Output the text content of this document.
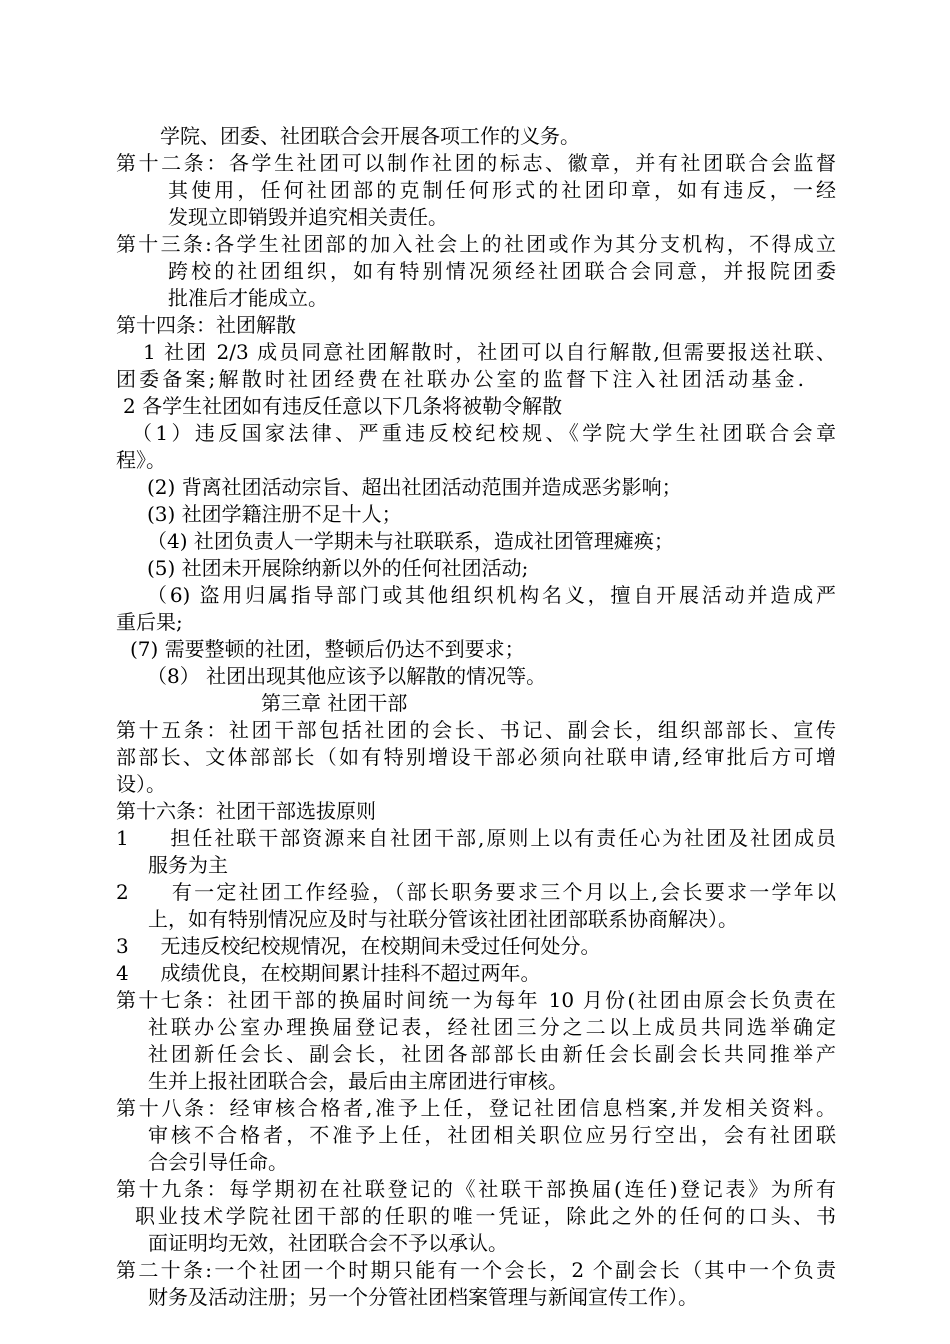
学院、团委、社团联合会开展各项工作的义务。
第十二条：各学生社团可以制作社团的标志、徽章，并有社团联合会监督
其使用，任何社团部的克制任何形式的社团印章，如有违反，一经
发现立即销毁并追究相关责任。
第十三条:各学生社团部的加入社会上的社团或作为其分支机构，不得成立
跨校的社团组织，如有特别情况须经社团联合会同意，并报院团委
批准后才能成立。
第十四条：社团解散
1 社团 2/3 成员同意社团解散时，社团可以自行解散,但需要报送社联、
团委备案;解散时社团经费在社联办公室的监督下注入社团活动基金.
2 各学生社团如有违反任意以下几条将被勒令解散
（1）违反国家法律、严重违反校纪校规、《学院大学生社团联合会章
程》。
(2) 背离社团活动宗旨、超出社团活动范围并造成恶劣影响；
(3) 社团学籍注册不足十人；
（4) 社团负责人一学期未与社联联系，造成社团管理瘫痪；
(5) 社团未开展除纳新以外的任何社团活动;
（6) 盗用归属指导部门或其他组织机构名义，擅自开展活动并造成严
重后果;
(7) 需要整顿的社团，整顿后仍达不到要求；
（8） 社团出现其他应该予以解散的情况等。
第三章 社团干部
第十五条：社团干部包括社团的会长、书记、副会长，组织部部长、宣传
部部长、文体部部长（如有特别增设干部必须向社联申请,经审批后方可增
设）。
第十六条：社团干部选拔原则
1     担任社联干部资源来自社团干部,原则上以有责任心为社团及社团成员
服务为主
2     有一定社团工作经验，（部长职务要求三个月以上,会长要求一学年以
上，如有特别情况应及时与社联分管该社团社团部联系协商解决）。
3     无违反校纪校规情况，在校期间未受过任何处分。
4     成绩优良，在校期间累计挂科不超过两年。
第十七条：社团干部的换届时间统一为每年 10 月份(社团由原会长负责在
社联办公室办理换届登记表，经社团三分之二以上成员共同选举确定
社团新任会长、副会长，社团各部部长由新任会长副会长共同推举产
生并上报社团联合会，最后由主席团进行审核。
第十八条：经审核合格者,准予上任，登记社团信息档案,并发相关资料。
审核不合格者，不准予上任，社团相关职位应另行空出，会有社团联
合会引导任命。
第十九条：每学期初在社联登记的《社联干部换届(连任)登记表》为所有
职业技术学院社团干部的任职的唯一凭证，除此之外的任何的口头、书
面证明均无效，社团联合会不予以承认。
第二十条:一个社团一个时期只能有一个会长，2 个副会长（其中一个负责
财务及活动注册；另一个分管社团档案管理与新闻宣传工作）。
